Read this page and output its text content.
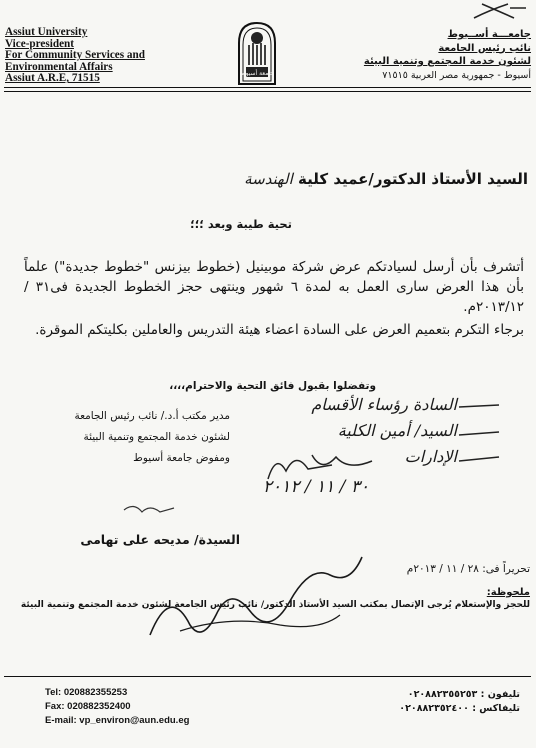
Assiut University
Vice-president
For Community Services and
Environmental Affairs
Assiut A.R.E, 71515	جامعة أسيوط
جامعـــة أســيوط
نائب رئيس الجامعة
لشئون خدمة المجتمع وتنمية البيئة
أسيوط - جمهورية مصر العربية ٧١٥١٥
السيد الأستاذ الدكتور/عميد كلية الهندسة
تحية طيبة وبعد ؛؛؛
أتشرف بأن أرسل لسيادتكم عرض شركة موبينيل (خطوط بيزنس "خطوط جديدة") علماً بأن هذا العرض سارى العمل به لمدة ٦ شهور وينتهى حجز الخطوط الجديدة فى٣١ /٢٠١٣/١٢م.
برجاء التكرم بتعميم العرض على السادة اعضاء هيئة التدريس والعاملين بكليتكم الموقرة.
وتفضلوا بقبول فائق التحية والاحترام،،،،
السادة رؤساء الأقسام
السيد/ أمين الكلية
الإدارات
مدير مكتب أ.د./ نائب رئيس الجامعة
لشئون خدمة المجتمع وتنمية البيئة
ومفوض جامعة أسيوط
٣٠ / ١١ / ٢٠١٢
السيدة/ مديحه على تهامى
تحريراً فى: ٢٨ / ١١ / ٢٠١٣م
ملحوظة:
للحجز والإستعلام يُرجى الإتصال بمكتب السيد الأستاذ الدكتور/ نائب رئيس الجامعة لشئون خدمة المجتمع وتنمية البيئة
Tel: 020882355253
Fax: 020882352400
E-mail: vp_environ@aun.edu.eg
تليفون : ٠٢٠٨٨٢٣٥٥٢٥٣
تليفاكس : ٠٢٠٨٨٢٣٥٢٤٠٠
